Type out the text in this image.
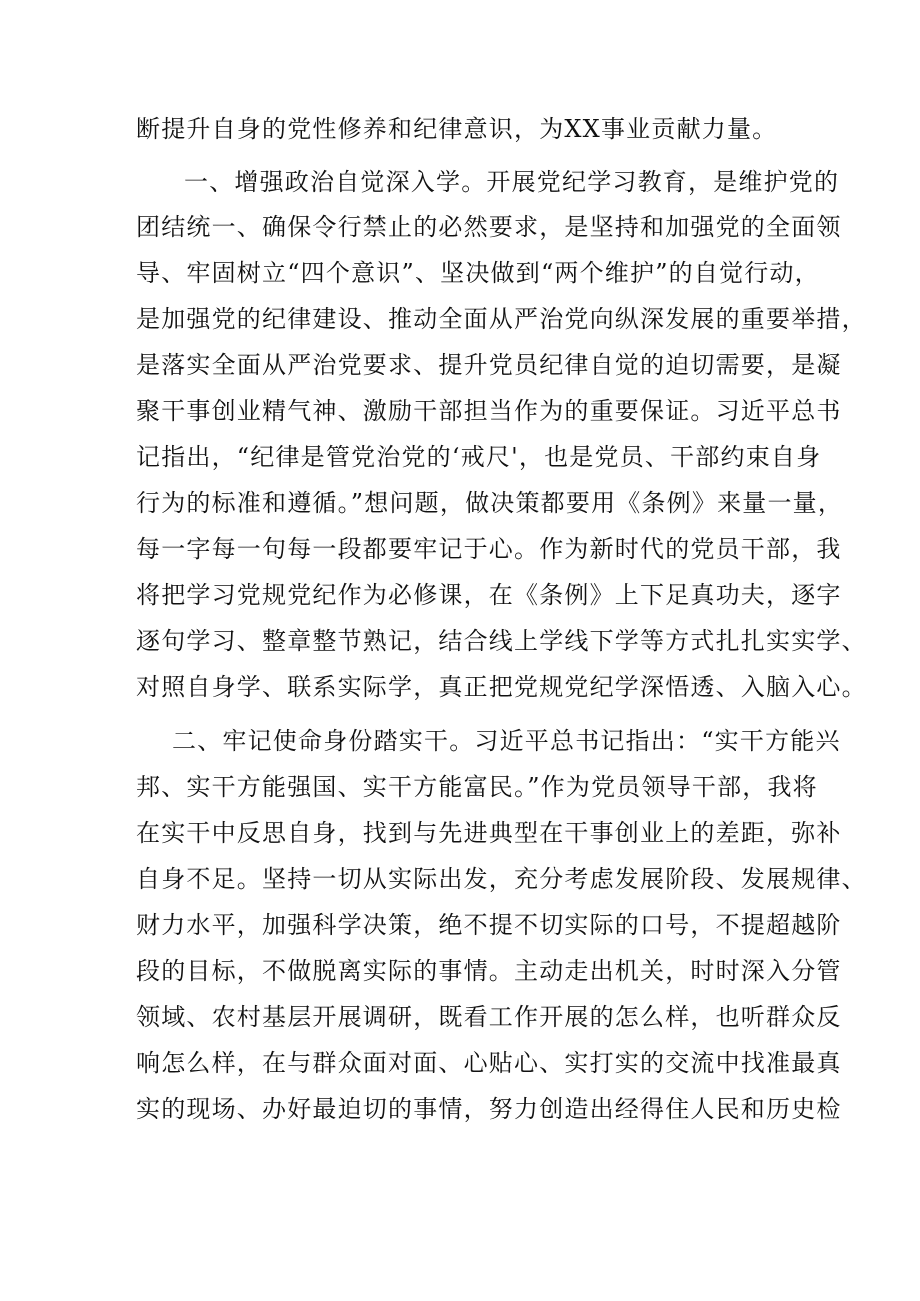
断提升自身的党性修养和纪律意识，为XX事业贡献力量。
一、增强政治自觉深入学。开展党纪学习教育，是维护党的
团结统一、确保令行禁止的必然要求，是坚持和加强党的全面领
导、牢固树立“四个意识”、坚决做到“两个维护”的自觉行动，
是加强党的纪律建设、推动全面从严治党向纵深发展的重要举措，
是落实全面从严治党要求、提升党员纪律自觉的迫切需要，是凝
聚干事创业精气神、激励干部担当作为的重要保证。习近平总书
记指出，“纪律是管党治党的‘戒尺'，也是党员、干部约束自身
行为的标准和遵循。”想问题，做决策都要用《条例》来量一量，
每一字每一句每一段都要牢记于心。作为新时代的党员干部，我
将把学习党规党纪作为必修课，在《条例》上下足真功夫，逐字
逐句学习、整章整节熟记，结合线上学线下学等方式扎扎实实学、
对照自身学、联系实际学，真正把党规党纪学深悟透、入脑入心。
二、牢记使命身份踏实干。习近平总书记指出：“实干方能兴
邦、实干方能强国、实干方能富民。”作为党员领导干部，我将
在实干中反思自身，找到与先进典型在干事创业上的差距，弥补
自身不足。坚持一切从实际出发，充分考虑发展阶段、发展规律、
财力水平，加强科学决策，绝不提不切实际的口号，不提超越阶
段的目标，不做脱离实际的事情。主动走出机关，时时深入分管
领域、农村基层开展调研，既看工作开展的怎么样，也听群众反
响怎么样，在与群众面对面、心贴心、实打实的交流中找准最真
实的现场、办好最迫切的事情，努力创造出经得住人民和历史检
